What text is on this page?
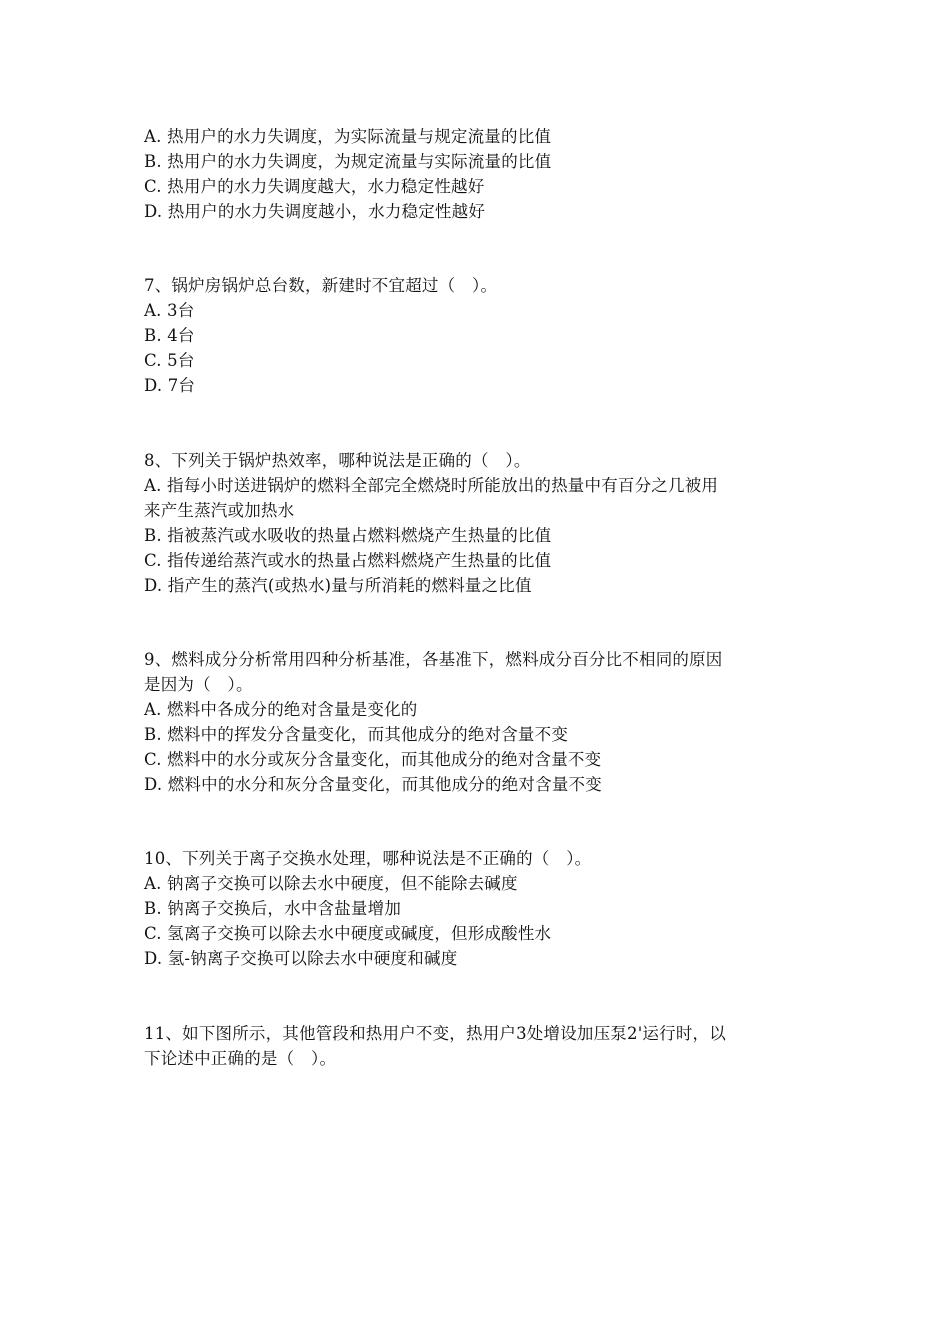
A. 热用户的水力失调度，为实际流量与规定流量的比值
B. 热用户的水力失调度，为规定流量与实际流量的比值
C. 热用户的水力失调度越大，水力稳定性越好
D. 热用户的水力失调度越小，水力稳定性越好
7、锅炉房锅炉总台数，新建时不宜超过（　）。
A. 3台
B. 4台
C. 5台
D. 7台
8、下列关于锅炉热效率，哪种说法是正确的（　）。
A. 指每小时送进锅炉的燃料全部完全燃烧时所能放出的热量中有百分之几被用
来产生蒸汽或加热水
B. 指被蒸汽或水吸收的热量占燃料燃烧产生热量的比值
C. 指传递给蒸汽或水的热量占燃料燃烧产生热量的比值
D. 指产生的蒸汽(或热水)量与所消耗的燃料量之比值
9、燃料成分分析常用四种分析基准，各基准下，燃料成分百分比不相同的原因
是因为（　）。
A. 燃料中各成分的绝对含量是变化的
B. 燃料中的挥发分含量变化，而其他成分的绝对含量不变
C. 燃料中的水分或灰分含量变化，而其他成分的绝对含量不变
D. 燃料中的水分和灰分含量变化，而其他成分的绝对含量不变
10、下列关于离子交换水处理，哪种说法是不正确的（　）。
A. 钠离子交换可以除去水中硬度，但不能除去碱度
B. 钠离子交换后，水中含盐量增加
C. 氢离子交换可以除去水中硬度或碱度，但形成酸性水
D. 氢-钠离子交换可以除去水中硬度和碱度
11、如下图所示，其他管段和热用户不变，热用户3处增设加压泵2'运行时，以
下论述中正确的是（　）。
